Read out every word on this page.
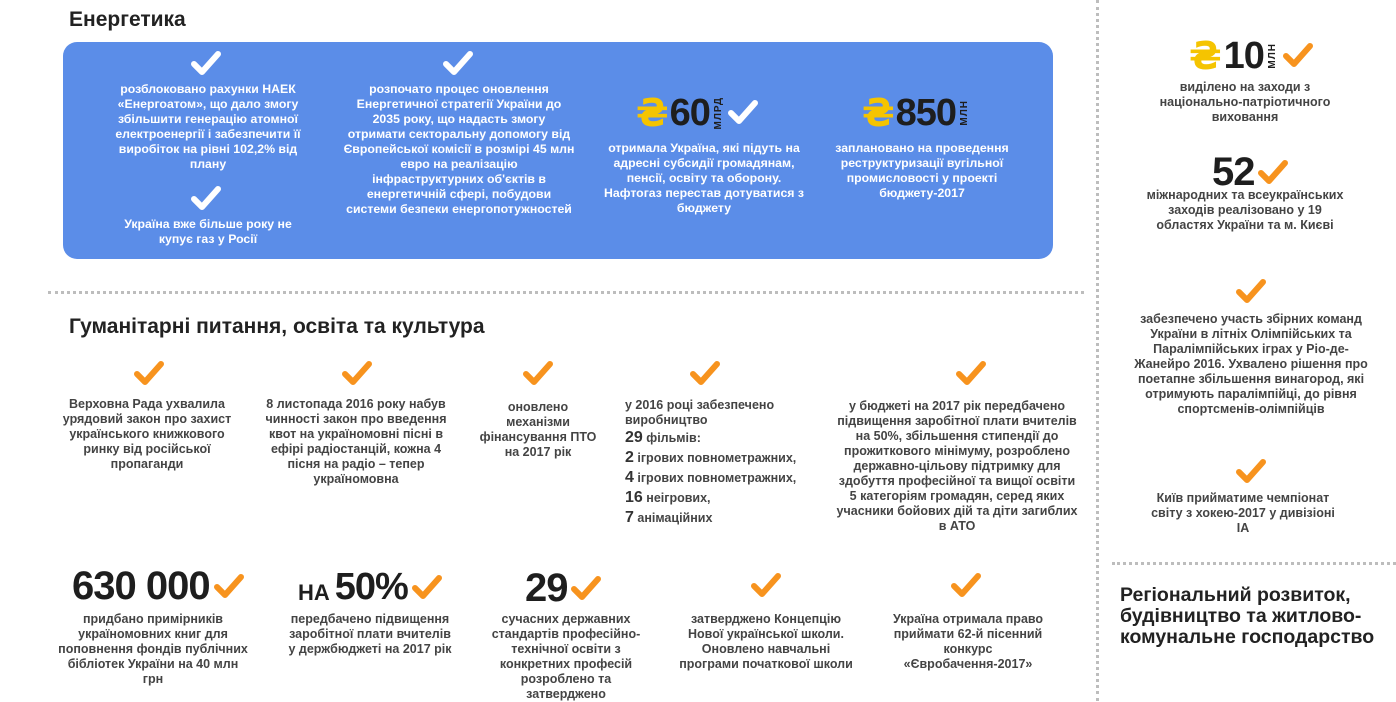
Енергетика
розблоковано рахунки НАЕК «Енергоатом», що дало змогу збільшити генерацію атомної електроенергії і забезпечити її виробіток на рівні 102,2% від плану
Україна вже більше року не купує газ у Росії
розпочато процес оновлення Енергетичної стратегії України до 2035 року, що надасть змогу отримати секторальну допомогу від Європейської комісії в розмірі 45 млн евро на реалізацію інфраструктурних об'єктів в енергетичній сфері, побудови системи безпеки енергопотужностей
₴ 60 МЛРД
отримала Україна, які підуть на адресні субсидії громадянам, пенсії, освіту та оборону. Нафтогаз перестав дотуватися з бюджету
₴ 850 МЛН
заплановано на проведення реструктуризації вугільної промисловості у проекті бюджету-2017
Гуманітарні питання, освіта та культура
Верховна Рада ухвалила урядовий закон про захист українського книжкового ринку від російської пропаганди
8 листопада 2016 року набув чинності закон про введення квот на україномовні пісні в ефірі радіостанцій, кожна 4 пісня на радіо – тепер україномовна
оновлено механізми фінансування ПТО на 2017 рік
у 2016 році забезпечено виробництво
29 фільмів:
2 ігрових повнометражних,
4 ігрових повнометражних,
16 неігрових,
7 анімаційних
у бюджеті на 2017 рік передбачено підвищення заробітної плати вчителів на 50%, збільшення стипендії до прожиткового мінімуму, розроблено державно-цільову підтримку для здобуття професійної та вищої освіти 5 категоріям громадян, серед яких учасники бойових дій та діти загиблих в АТО
630 000
придбано примірників україномовних книг для поповнення фондів публічних бібліотек України на 40 млн грн
НА 50%
передбачено підвищення заробітної плати вчителів у держбюджеті на 2017 рік
29
сучасних державних стандартів професійно-технічної освіти з конкретних професій розроблено та затверджено
затверджено Концепцію Нової української школи. Оновлено навчальні програми початкової школи
Україна отримала право приймати 62-й пісенний конкурс «Євробачення-2017»
₴ 10 МЛН
виділено на заходи з національно-патріотичного виховання
52
міжнародних та всеукраїнських заходів реалізовано у 19 областях України та м. Києві
забезпечено участь збірних команд України в літніх Олімпійських та Паралімпійських іграх у Ріо-де-Жанейро 2016. Ухвалено рішення про поетапне збільшення винагород, які отримують паралімпійці, до рівня спортсменів-олімпійців
Київ прийматиме чемпіонат світу з хокею-2017 у дивізіоні ІА
Регіональний розвиток, будівництво та житлово-комунальне господарство
